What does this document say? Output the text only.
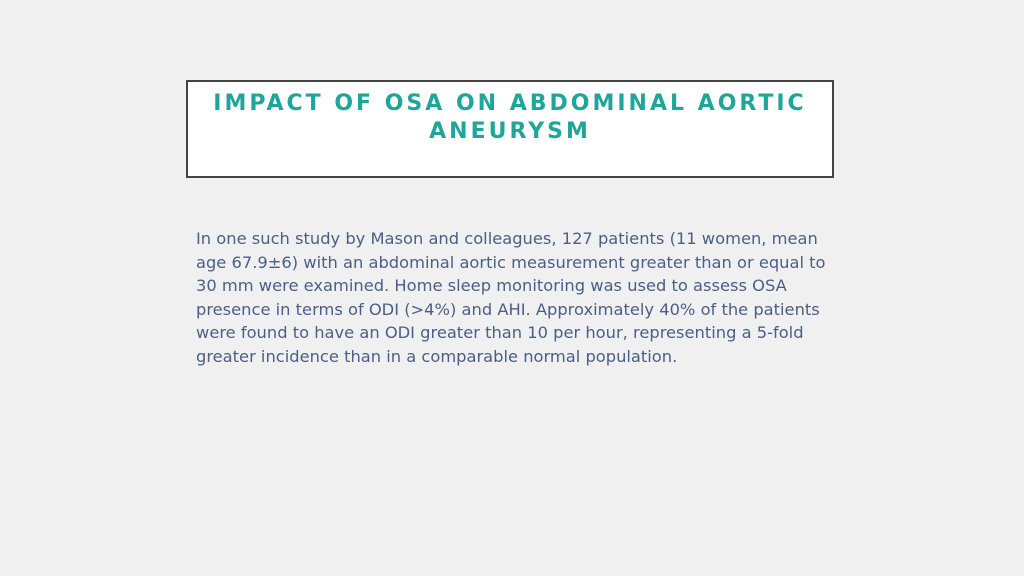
IMPACT OF OSA ON ABDOMINAL AORTIC ANEURYSM

In one such study by Mason and colleagues, 127 patients (11 women, mean age 67.9±6) with an abdominal aortic measurement greater than or equal to 30 mm were examined. Home sleep monitoring was used to assess OSA presence in terms of ODI (>4%) and AHI. Approximately 40% of the patients were found to have an ODI greater than 10 per hour, representing a 5-fold greater incidence than in a comparable normal population.
